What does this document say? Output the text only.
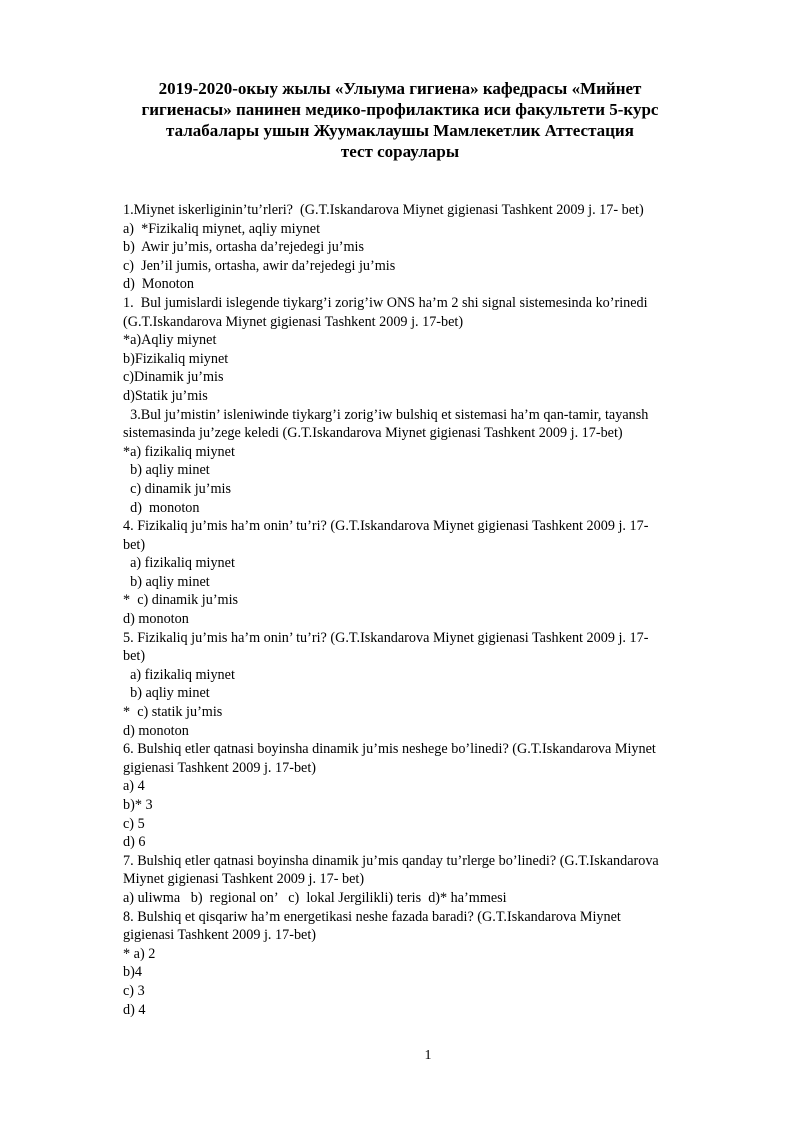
2019-2020-окыу жылы «Улыума гигиена» кафедрасы «Мийнет
гигиенасы» панинен медико-профилактика иси факультети 5-курс
талабалары ушын Жуумаклаушы Мамлекетлик Аттестация
тест сораулары
1.Miynet iskerliginin’tu’rleri?  (G.T.Iskandarova Miynet gigienasi Tashkent 2009 j. 17- bet)
a)  *Fizikaliq miynet, aqliy miynet
b)  Awir ju’mis, ortasha da’rejedegi ju’mis
c)  Jen’il jumis, ortasha, awir da’rejedegi ju’mis
d)  Monoton
1.  Bul jumislardi islegende tiykarg’i zorig’iw ONS ha’m 2 shi signal sistemesinda ko’rinedi
(G.T.Iskandarova Miynet gigienasi Tashkent 2009 j. 17-bet)
*a)Aqliy miynet
b)Fizikaliq miynet
c)Dinamik ju’mis
d)Statik ju’mis
3.Bul ju’mistin’ isleniwinde tiykarg’i zorig’iw bulshiq et sistemasi ha’m qan-tamir, tayansh
sistemasinda ju’zege keledi (G.T.Iskandarova Miynet gigienasi Tashkent 2009 j. 17-bet)
*a) fizikaliq miynet
b) aqliy minet
c) dinamik ju’mis
d)  monoton
4. Fizikaliq ju’mis ha’m onin’ tu’ri? (G.T.Iskandarova Miynet gigienasi Tashkent 2009 j. 17-
bet)
a) fizikaliq miynet
b) aqliy minet
*  c) dinamik ju’mis
d) monoton
5. Fizikaliq ju’mis ha’m onin’ tu’ri? (G.T.Iskandarova Miynet gigienasi Tashkent 2009 j. 17-
bet)
a) fizikaliq miynet
b) aqliy minet
*  c) statik ju’mis
d) monoton
6. Bulshiq etler qatnasi boyinsha dinamik ju’mis neshege bo’linedi? (G.T.Iskandarova Miynet
gigienasi Tashkent 2009 j. 17-bet)
a) 4
b)* 3
c) 5
d) 6
7. Bulshiq etler qatnasi boyinsha dinamik ju’mis qanday tu’rlerge bo’linedi? (G.T.Iskandarova
Miynet gigienasi Tashkent 2009 j. 17- bet)
a) uliwma   b)  regional on’   c)  lokal Jergilikli) teris  d)* ha’mmesi
8. Bulshiq et qisqariw ha’m energetikasi neshe fazada baradi? (G.T.Iskandarova Miynet
gigienasi Tashkent 2009 j. 17-bet)
* a) 2
b)4
c) 3
d) 4
1
